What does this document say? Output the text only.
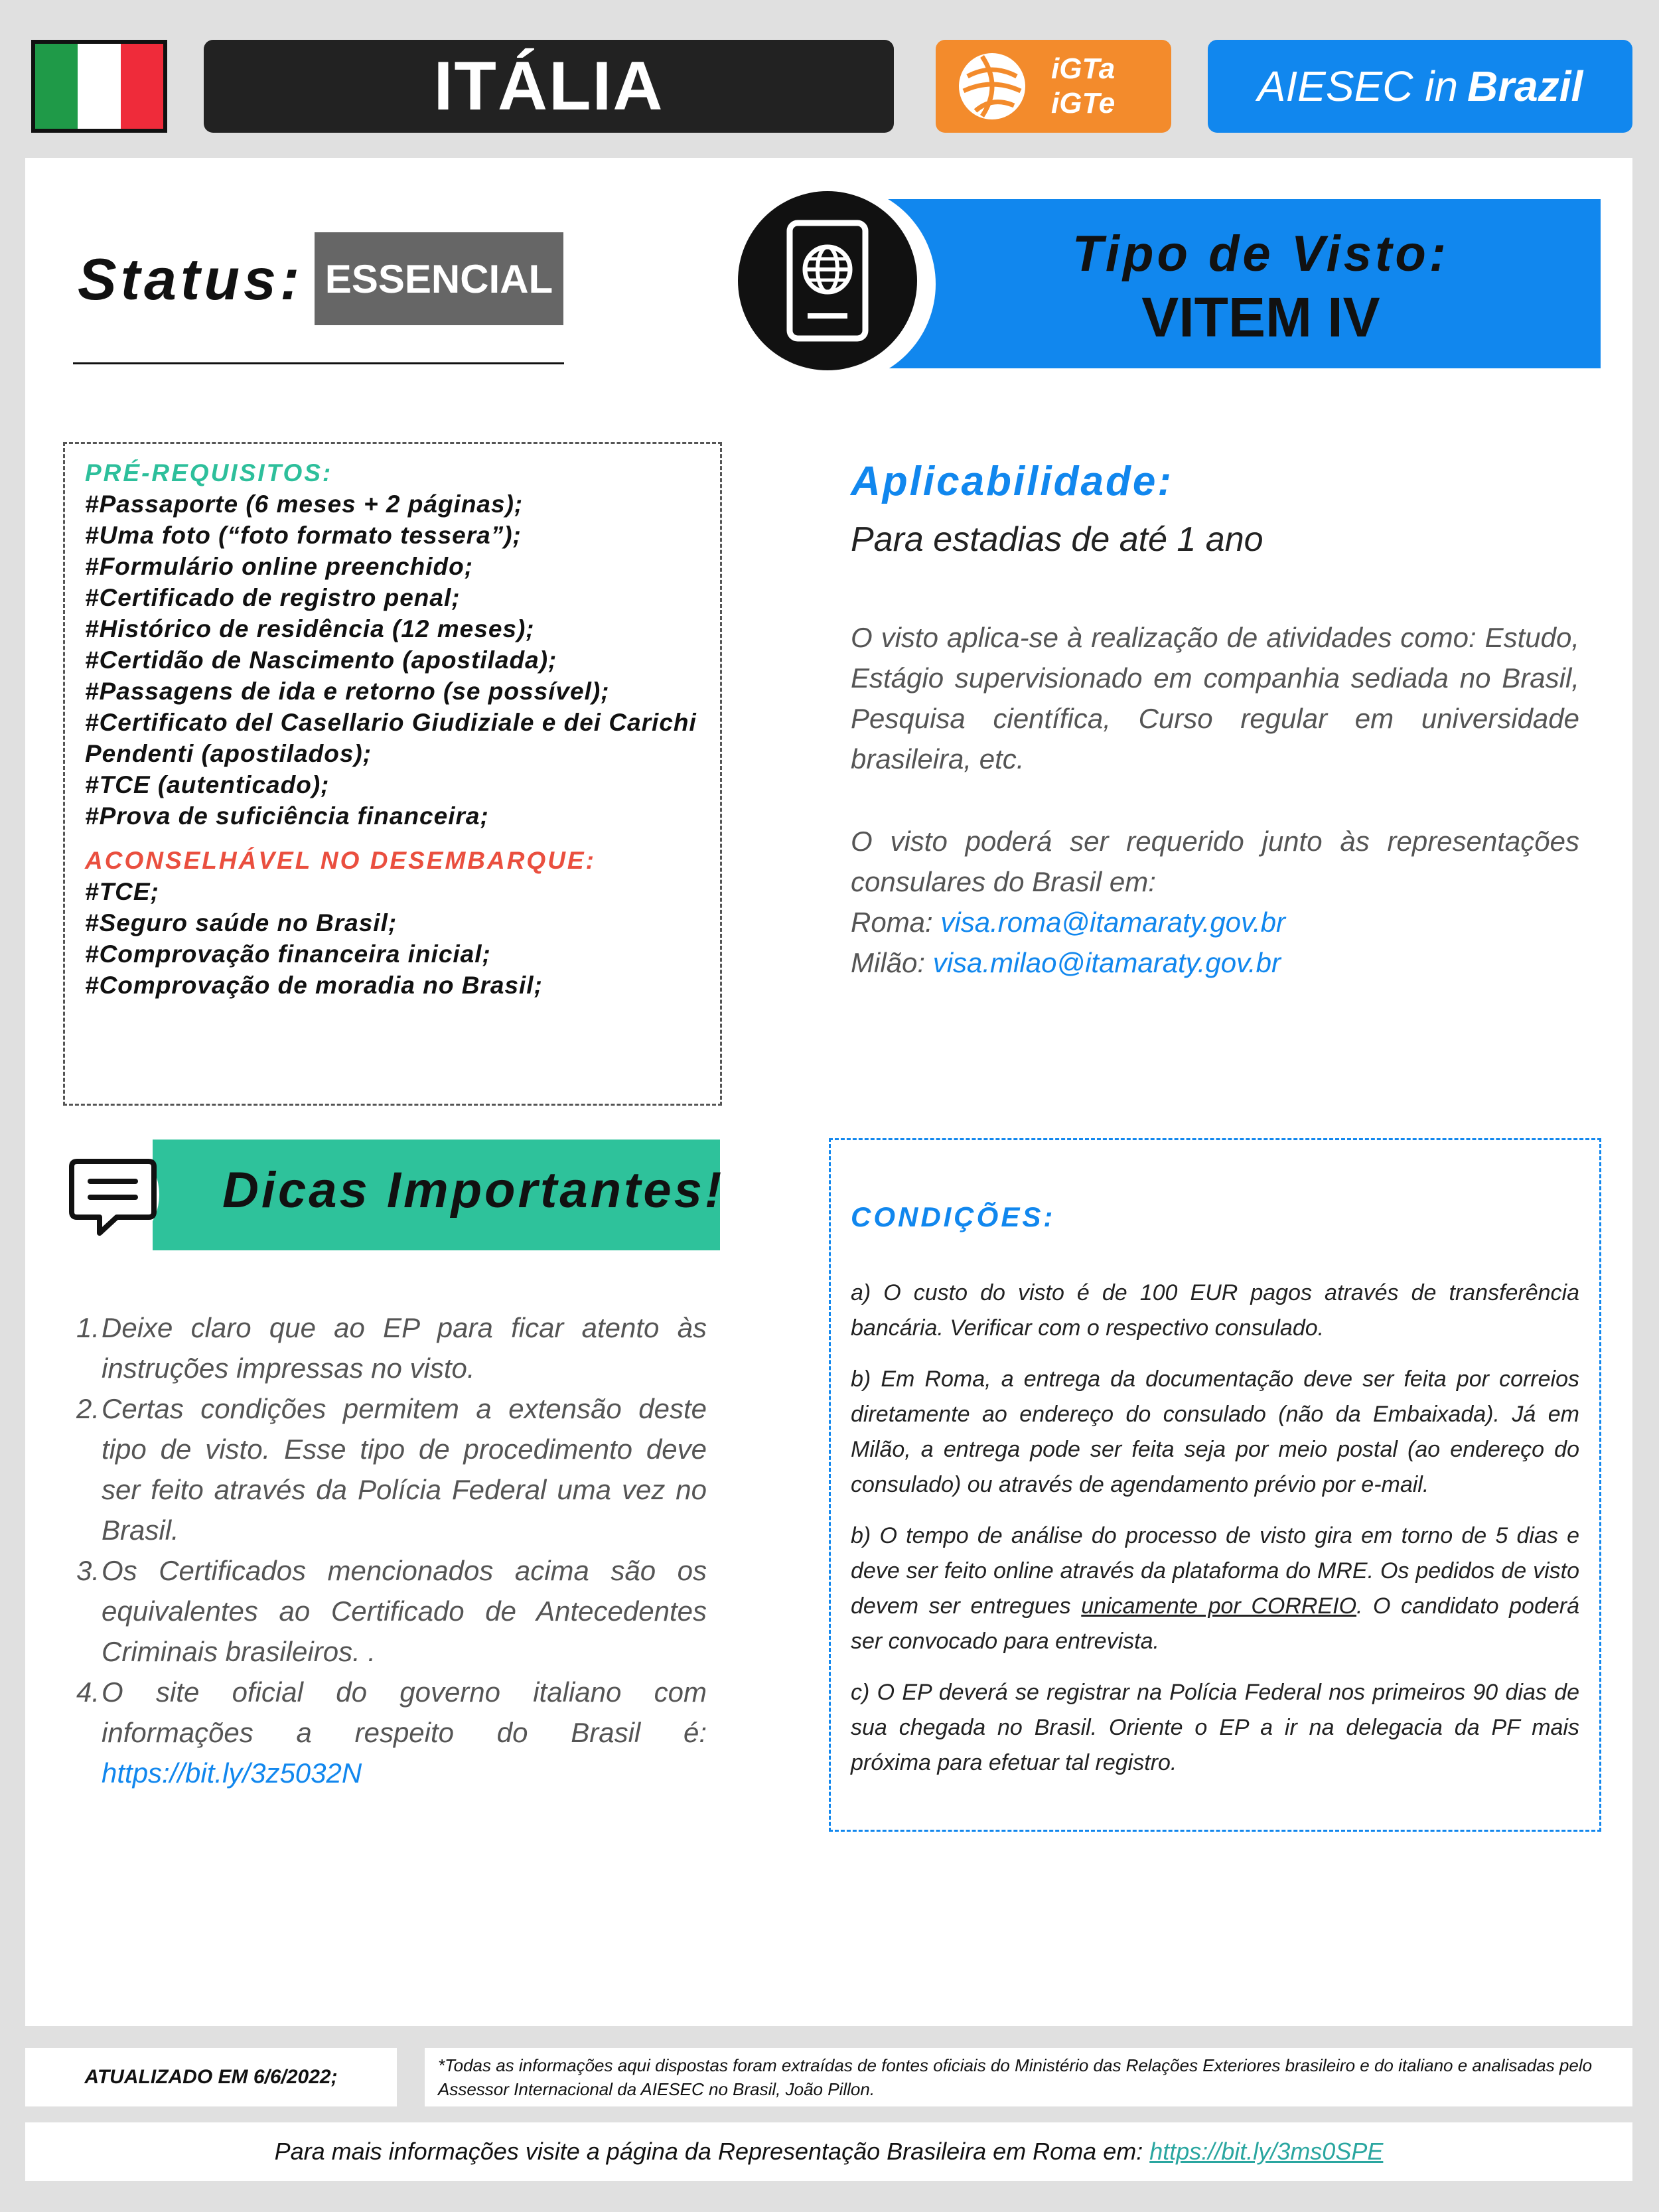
ITÁLIA	iGTa
iGTe	AIESEC in Brazil
Status: ESSENCIAL	Tipo de Visto:
VITEM IV
PRÉ-REQUISITOS:
#Passaporte (6 meses + 2 páginas);
#Uma foto (“foto formato tessera”);
#Formulário online preenchido;
#Certificado de registro penal;
#Histórico de residência (12 meses);
#Certidão de Nascimento (apostilada);
#Passagens de ida e retorno (se possível);
#Certificato del Casellario Giudiziale e dei Carichi Pendenti (apostilados);
#TCE (autenticado);
#Prova de suficiência financeira;
ACONSELHÁVEL NO DESEMBARQUE:
#TCE;
#Seguro saúde no Brasil;
#Comprovação financeira inicial;
#Comprovação de moradia no Brasil;
Aplicabilidade:
Para estadias de até 1 ano
O visto aplica-se à realização de atividades como: Estudo, Estágio supervisionado em companhia sediada no Brasil, Pesquisa científica, Curso regular em universidade brasileira, etc.
O visto poderá ser requerido junto às representações consulares do Brasil em:
Roma: visa.roma@itamaraty.gov.br
Milão: visa.milao@itamaraty.gov.br
Dicas Importantes!
1. Deixe claro que ao EP para ficar atento às instruções impressas no visto.
2. Certas condições permitem a extensão deste tipo de visto. Esse tipo de procedimento deve ser feito através da Polícia Federal uma vez no Brasil.
3. Os Certificados mencionados acima são os equivalentes ao Certificado de Antecedentes Criminais brasileiros. .
4. O site oficial do governo italiano com informações a respeito do Brasil é: https://bit.ly/3z5032N
CONDIÇÕES:

a) O custo do visto é de 100 EUR pagos através de transferência bancária. Verificar com o respectivo consulado.

b) Em Roma, a entrega da documentação deve ser feita por correios diretamente ao endereço do consulado (não da Embaixada). Já em Milão, a entrega pode ser feita seja por meio postal (ao endereço do consulado) ou através de agendamento prévio por e-mail.

b) O tempo de análise do processo de visto gira em torno de 5 dias e deve ser feito online através da plataforma do MRE. Os pedidos de visto devem ser entregues unicamente por CORREIO. O candidato poderá ser convocado para entrevista.

c) O EP deverá se registrar na Polícia Federal nos primeiros 90 dias de sua chegada no Brasil. Oriente o EP a ir na delegacia da PF mais próxima para efetuar tal registro.

ATUALIZADO EM 6/6/2022;
*Todas as informações aqui dispostas foram extraídas de fontes oficiais do Ministério das Relações Exteriores brasileiro e do italiano e analisadas pelo Assessor Internacional da AIESEC no Brasil, João Pillon.
Para mais informações visite a página da Representação Brasileira em Roma em: https://bit.ly/3ms0SPE
